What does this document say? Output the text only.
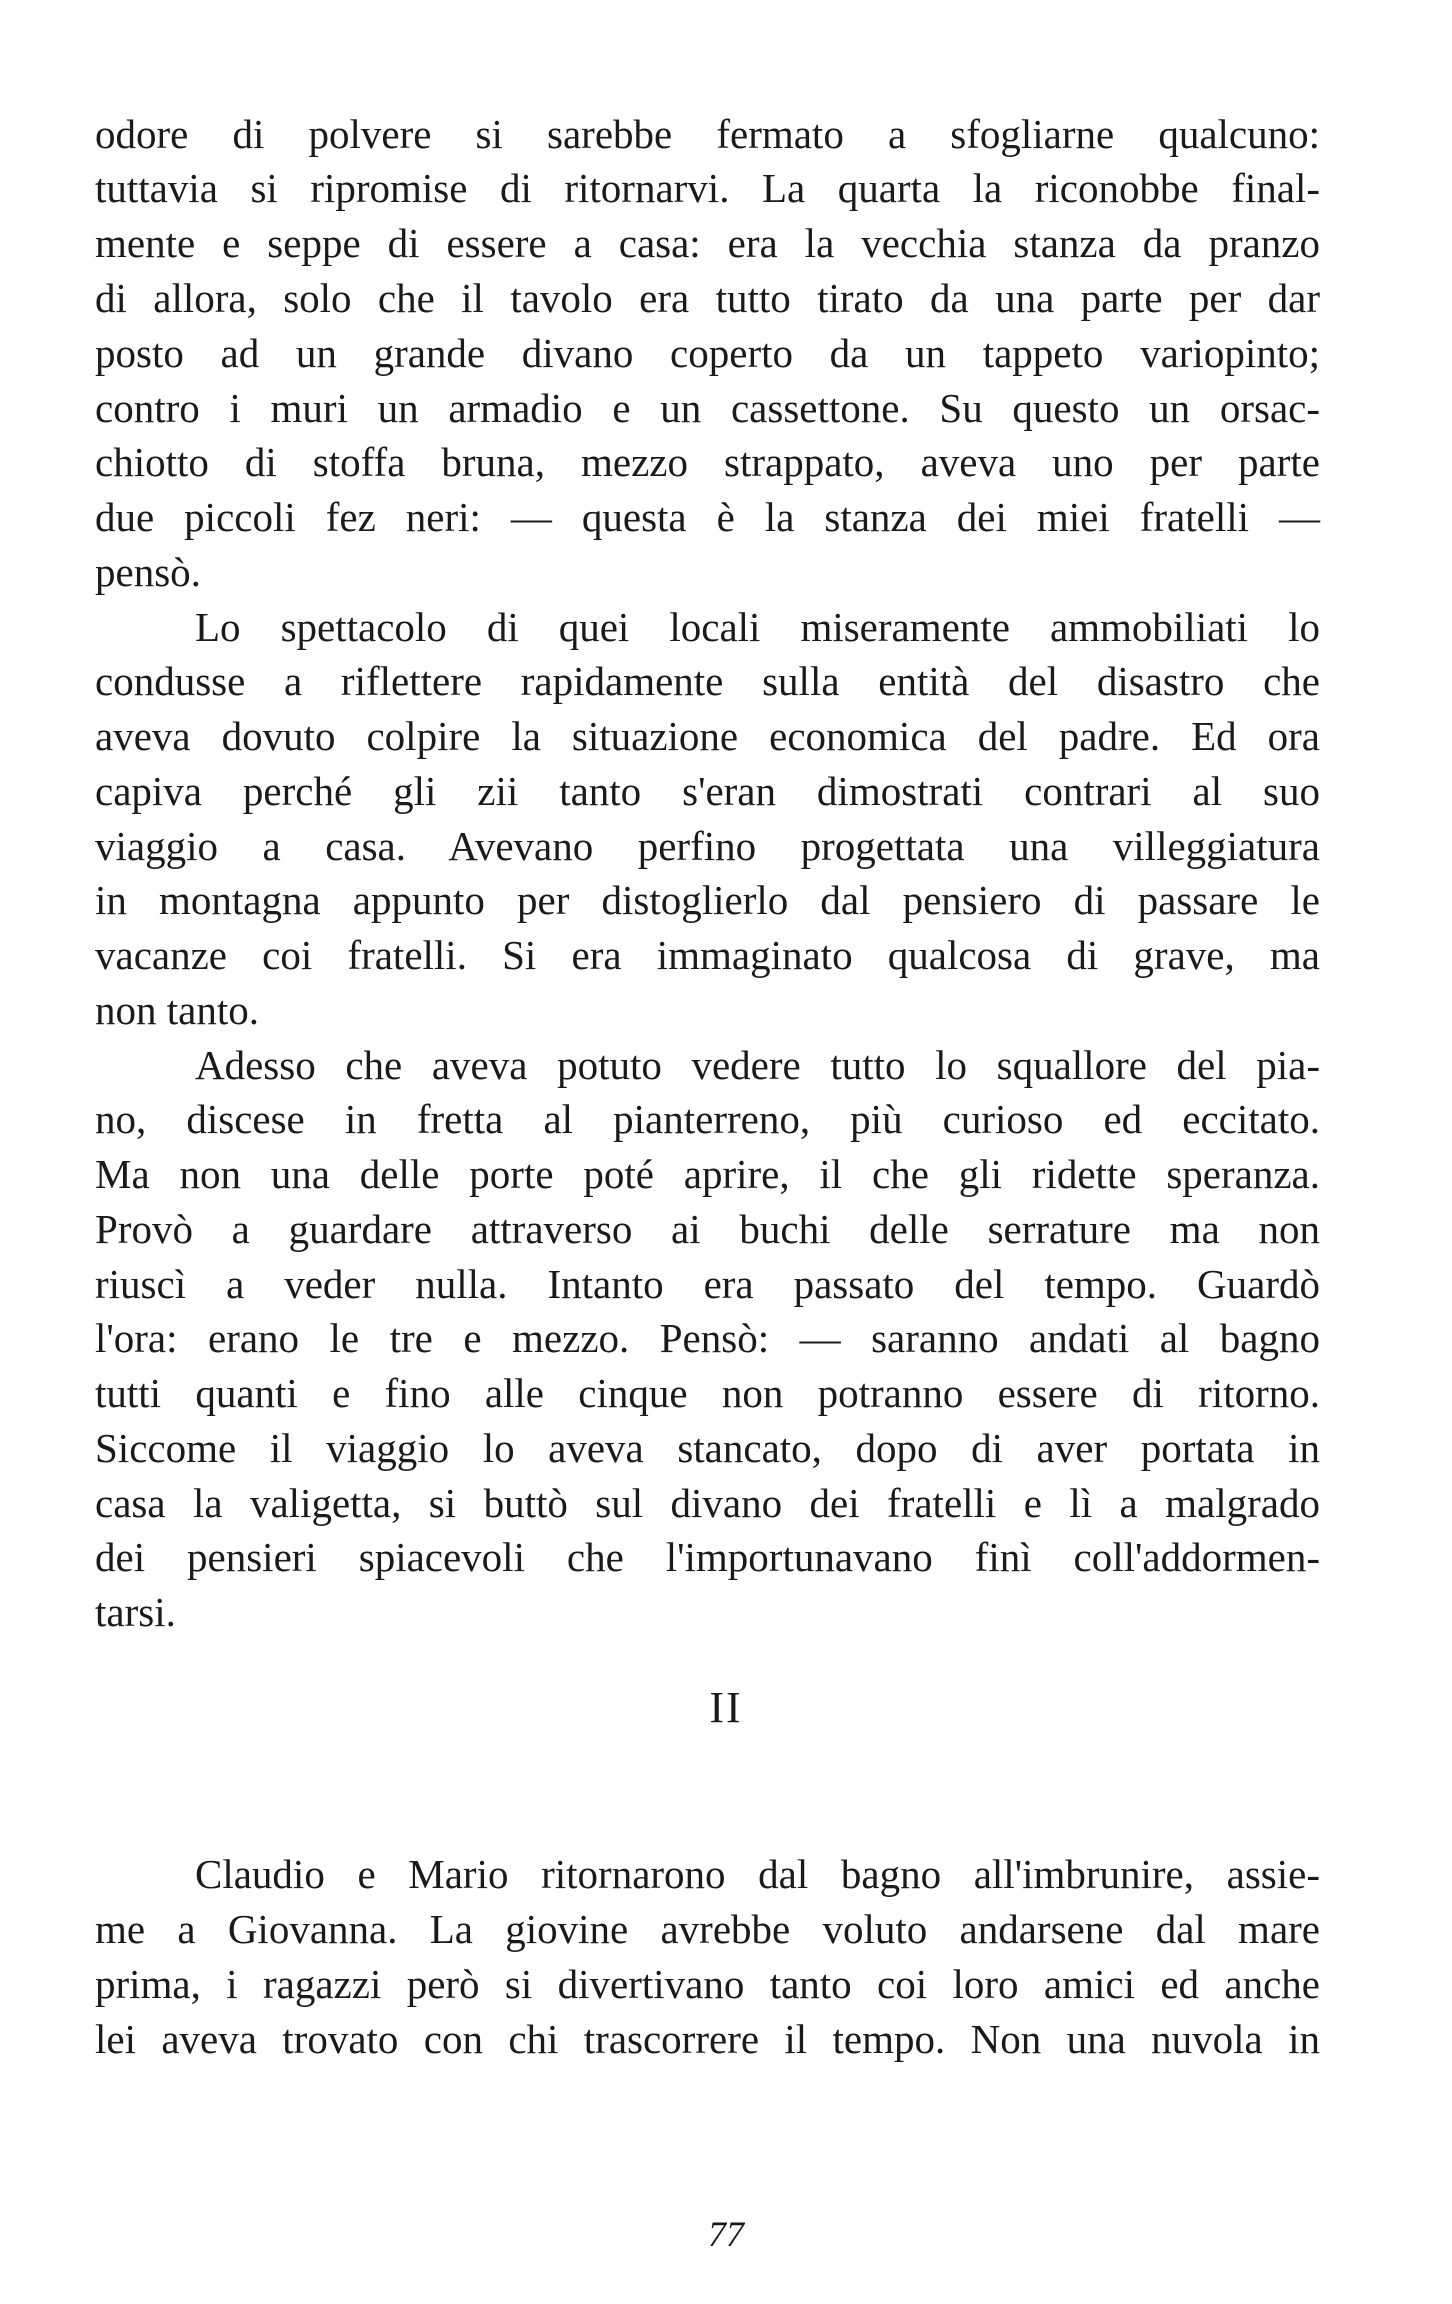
odore di polvere si sarebbe fermato a sfogliarne qualcuno:
tuttavia si ripromise di ritornarvi. La quarta la riconobbe final-
mente e seppe di essere a casa: era la vecchia stanza da pranzo
di allora, solo che il tavolo era tutto tirato da una parte per dar
posto ad un grande divano coperto da un tappeto variopinto;
contro i muri un armadio e un cassettone. Su questo un orsac-
chiotto di stoffa bruna, mezzo strappato, aveva uno per parte
due piccoli fez neri: — questa è la stanza dei miei fratelli —
pensò.
Lo spettacolo di quei locali miseramente ammobiliati lo
condusse a riflettere rapidamente sulla entità del disastro che
aveva dovuto colpire la situazione economica del padre. Ed ora
capiva perché gli zii tanto s'eran dimostrati contrari al suo
viaggio a casa. Avevano perfino progettata una villeggiatura
in montagna appunto per distoglierlo dal pensiero di passare le
vacanze coi fratelli. Si era immaginato qualcosa di grave, ma
non tanto.
Adesso che aveva potuto vedere tutto lo squallore del pia-
no, discese in fretta al pianterreno, più curioso ed eccitato.
Ma non una delle porte poté aprire, il che gli ridette speranza.
Provò a guardare attraverso ai buchi delle serrature ma non
riuscì a veder nulla. Intanto era passato del tempo. Guardò
l'ora: erano le tre e mezzo. Pensò: — saranno andati al bagno
tutti quanti e fino alle cinque non potranno essere di ritorno.
Siccome il viaggio lo aveva stancato, dopo di aver portata in
casa la valigetta, si buttò sul divano dei fratelli e lì a malgrado
dei pensieri spiacevoli che l'importunavano finì coll'addormen-
tarsi.
II
Claudio e Mario ritornarono dal bagno all'imbrunire, assie-
me a Giovanna. La giovine avrebbe voluto andarsene dal mare
prima, i ragazzi però si divertivano tanto coi loro amici ed anche
lei aveva trovato con chi trascorrere il tempo. Non una nuvola in
77
